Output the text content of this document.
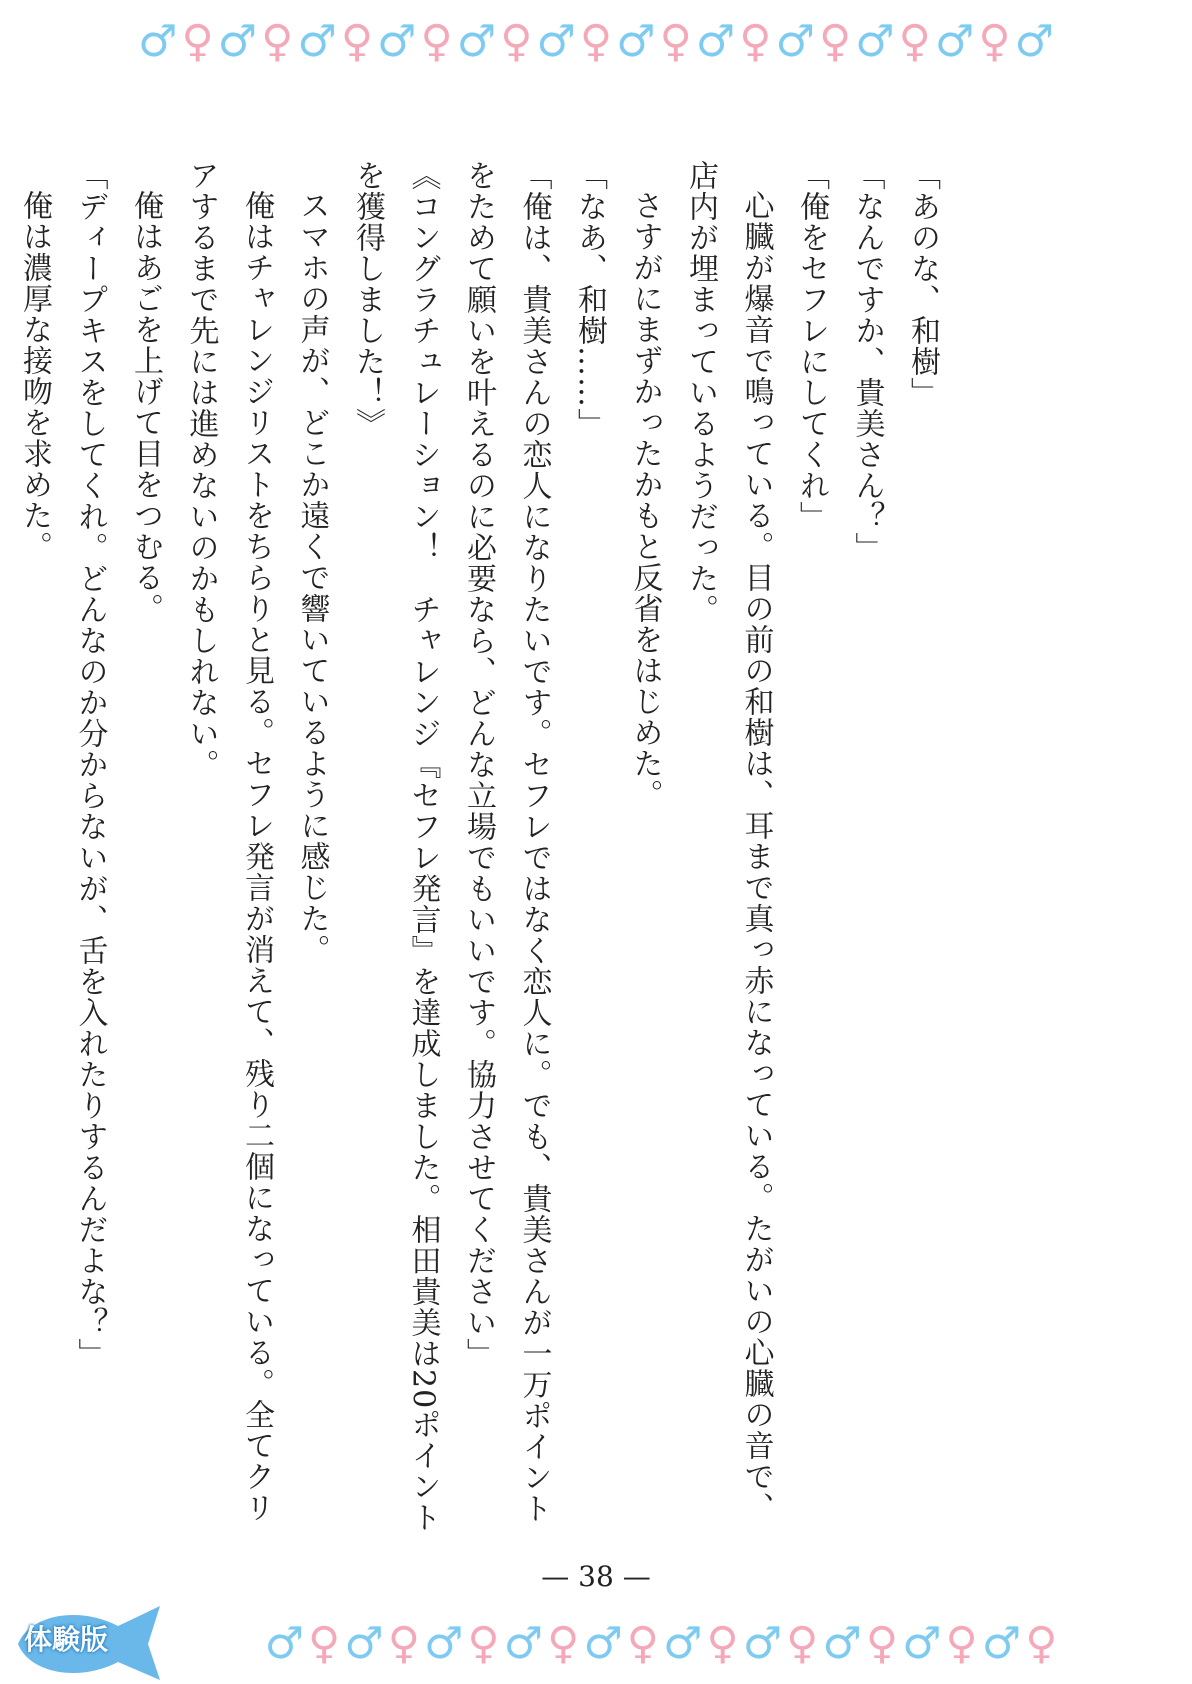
♂ ♀ ♂ ♀ ♂ ♀ ♂ ♀ ♂ ♀ ♂ ♀ ♂ ♀ ♂ ♀ ♂ ♀ ♂ ♀ ♂ ♀ ♂

「あのな、和樹」

「なんですか、貴美さん？」

「俺をセフレにしてくれ」

心臓が爆音で鳴っている。目の前の和樹は、耳まで真っ赤になっている。たがいの心臓の音で、店内が埋まっているようだった。

さすがにまずかったかもと反省をはじめた。

「なあ、和樹……」

「俺は、貴美さんの恋人になりたいです。セフレではなく恋人に。でも、貴美さんが一万ポイントをためて願いを叶えるのに必要なら、どんな立場でもいいです。協力させてください」

《コングラチュレーション！　チャレンジ『セフレ発言』を達成しました。相田貴美は20ポイントを獲得しました！》

スマホの声が、どこか遠くで響いているように感じた。

俺はチャレンジリストをちらりと見る。セフレ発言が消えて、残り二個になっている。全てクリアするまで先には進めないのかもしれない。

俺はあごを上げて目をつむる。

「ディープキスをしてくれ。どんなのか分からないが、舌を入れたりするんだよな？」

俺は濃厚な接吻を求めた。

— 38 —
♂ ♀ ♂ ♀ ♂ ♀ ♂ ♀ ♂ ♀ ♂ ♀ ♂ ♀ ♂ ♀ ♂ ♀ ♂ ♀
体験版
